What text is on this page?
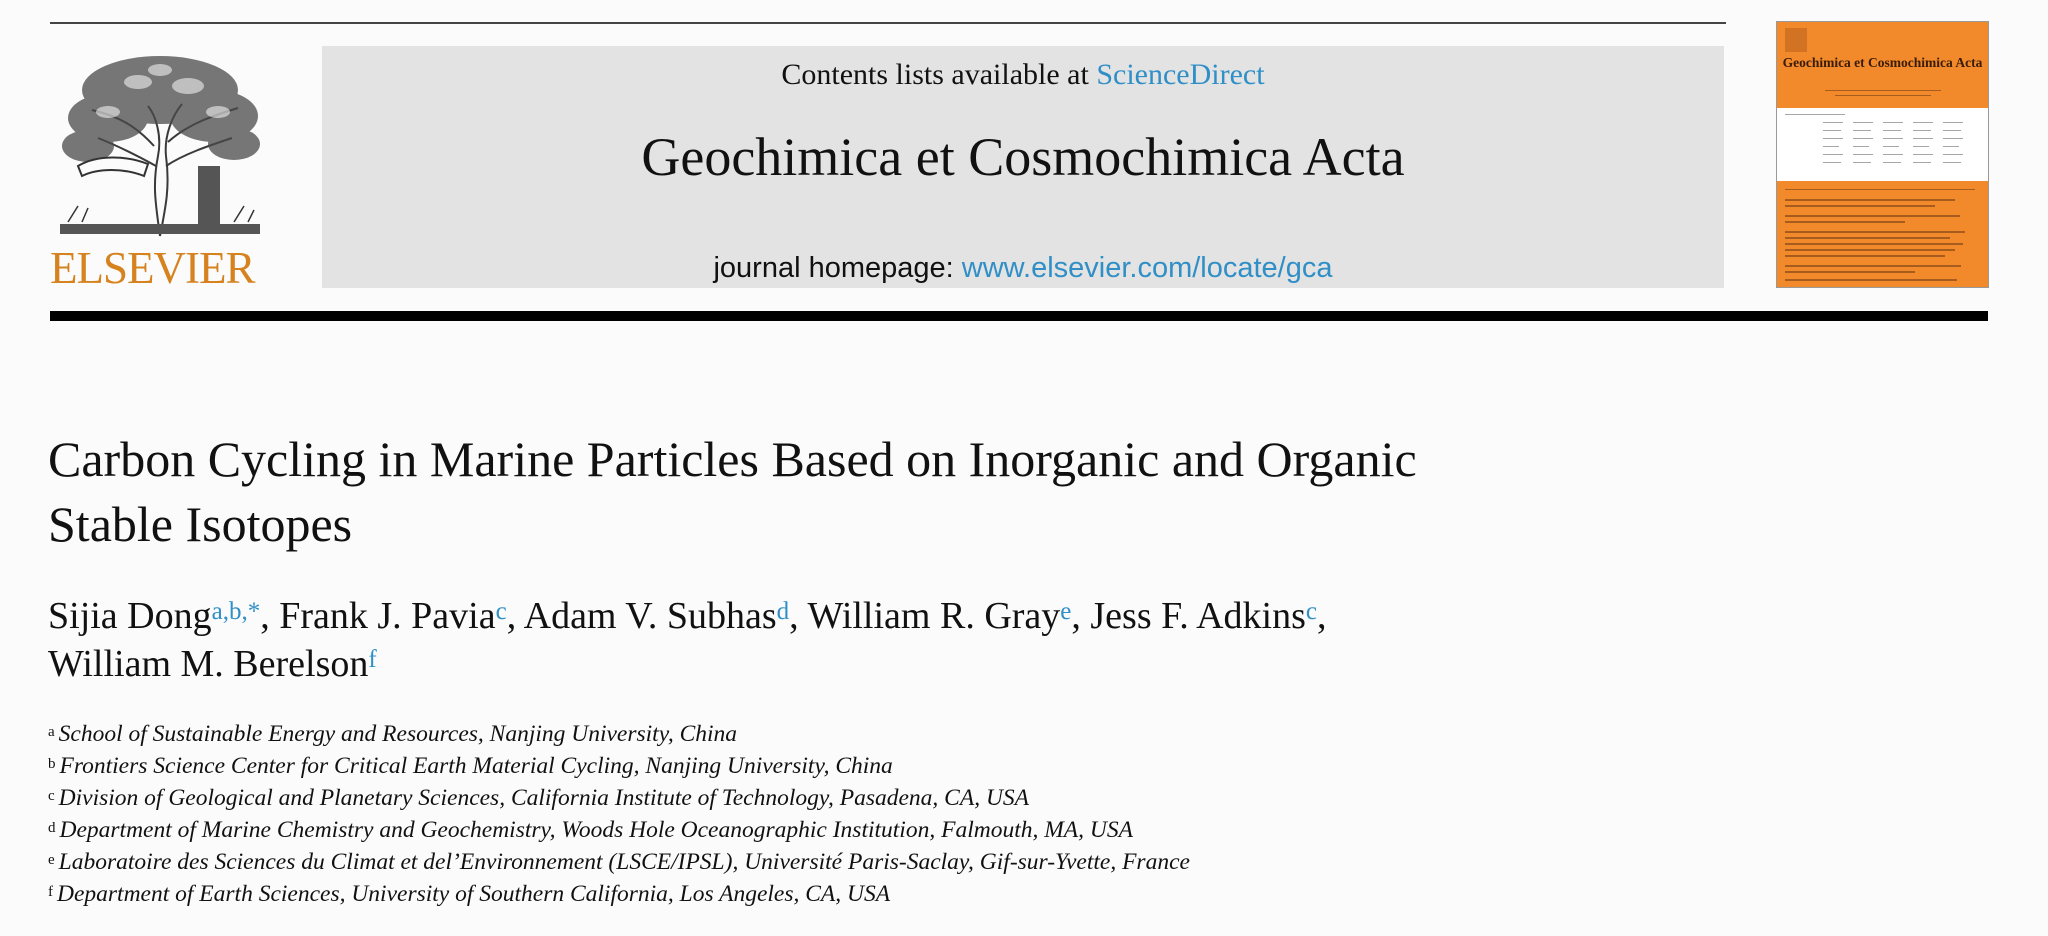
ELSEVIER
Contents lists available at ScienceDirect
Geochimica et Cosmochimica Acta
journal homepage: www.elsevier.com/locate/gca
Geochimica et Cosmochimica Acta
Carbon Cycling in Marine Particles Based on Inorganic and Organic
Stable Isotopes
Sijia Dong$^{a,b,*}$, Frank J. Pavia$^c$, Adam V. Subhas$^d$, William R. Gray$^e$, Jess F. Adkins$^c$,
William M. Berelson$^f$
$^a$ School of Sustainable Energy and Resources, Nanjing University, China
$^b$ Frontiers Science Center for Critical Earth Material Cycling, Nanjing University, China
$^c$ Division of Geological and Planetary Sciences, California Institute of Technology, Pasadena, CA, USA
$^d$ Department of Marine Chemistry and Geochemistry, Woods Hole Oceanographic Institution, Falmouth, MA, USA
$^e$ Laboratoire des Sciences du Climat et del’Environnement (LSCE/IPSL), Université Paris-Saclay, Gif-sur-Yvette, France
$^f$ Department of Earth Sciences, University of Southern California, Los Angeles, CA, USA
